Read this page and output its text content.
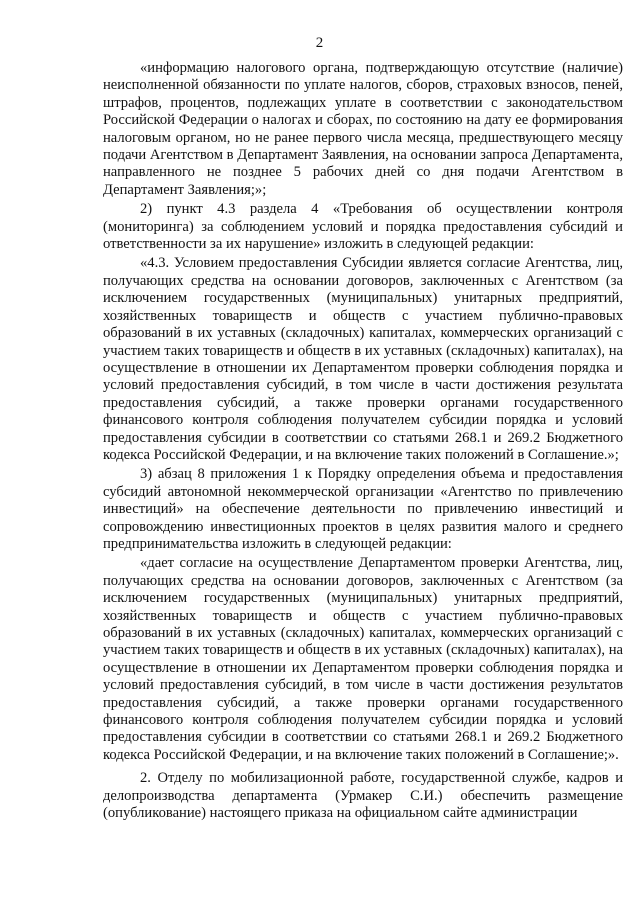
2

«информацию налогового органа, подтверждающую отсутствие (наличие) неисполненной обязанности по уплате налогов, сборов, страховых взносов, пеней, штрафов, процентов, подлежащих уплате в соответствии с законодательством Российской Федерации о налогах и сборах, по состоянию на дату ее формирования налоговым органом, но не ранее первого числа месяца, предшествующего месяцу подачи Агентством в Департамент Заявления, на основании запроса Департамента, направленного не позднее 5 рабочих дней со дня подачи Агентством в Департамент Заявления;»;

2) пункт 4.3 раздела 4 «Требования об осуществлении контроля (мониторинга) за соблюдением условий и порядка предоставления субсидий и ответственности за их нарушение» изложить в следующей редакции:

«4.3. Условием предоставления Субсидии является согласие Агентства, лиц, получающих средства на основании договоров, заключенных с Агентством (за исключением государственных (муниципальных) унитарных предприятий, хозяйственных товариществ и обществ с участием публично-правовых образований в их уставных (складочных) капиталах, коммерческих организаций с участием таких товариществ и обществ в их уставных (складочных) капиталах), на осуществление в отношении их Департаментом проверки соблюдения порядка и условий предоставления субсидий, в том числе в части достижения результата предоставления субсидий, а также проверки органами государственного финансового контроля соблюдения получателем субсидии порядка и условий предоставления субсидии в соответствии со статьями 268.1 и 269.2 Бюджетного кодекса Российской Федерации, и на включение таких положений в Соглашение.»;

3) абзац 8 приложения 1 к Порядку определения объема и предоставления субсидий автономной некоммерческой организации «Агентство по привлечению инвестиций» на обеспечение деятельности по привлечению инвестиций и сопровождению инвестиционных проектов в целях развития малого и среднего предпринимательства изложить в следующей редакции:

«дает согласие на осуществление Департаментом проверки Агентства, лиц, получающих средства на основании договоров, заключенных с Агентством (за исключением государственных (муниципальных) унитарных предприятий, хозяйственных товариществ и обществ с участием публично-правовых образований в их уставных (складочных) капиталах, коммерческих организаций с участием таких товариществ и обществ в их уставных (складочных) капиталах), на осуществление в отношении их Департаментом проверки соблюдения порядка и условий предоставления субсидий, в том числе в части достижения результатов предоставления субсидий, а также проверки органами государственного финансового контроля соблюдения получателем субсидии порядка и условий предоставления субсидии в соответствии со статьями 268.1 и 269.2 Бюджетного кодекса Российской Федерации, и на включение таких положений в Соглашение;».

2. Отделу по мобилизационной работе, государственной службе, кадров и делопроизводства департамента (Урмакер С.И.) обеспечить размещение (опубликование) настоящего приказа на официальном сайте администрации
